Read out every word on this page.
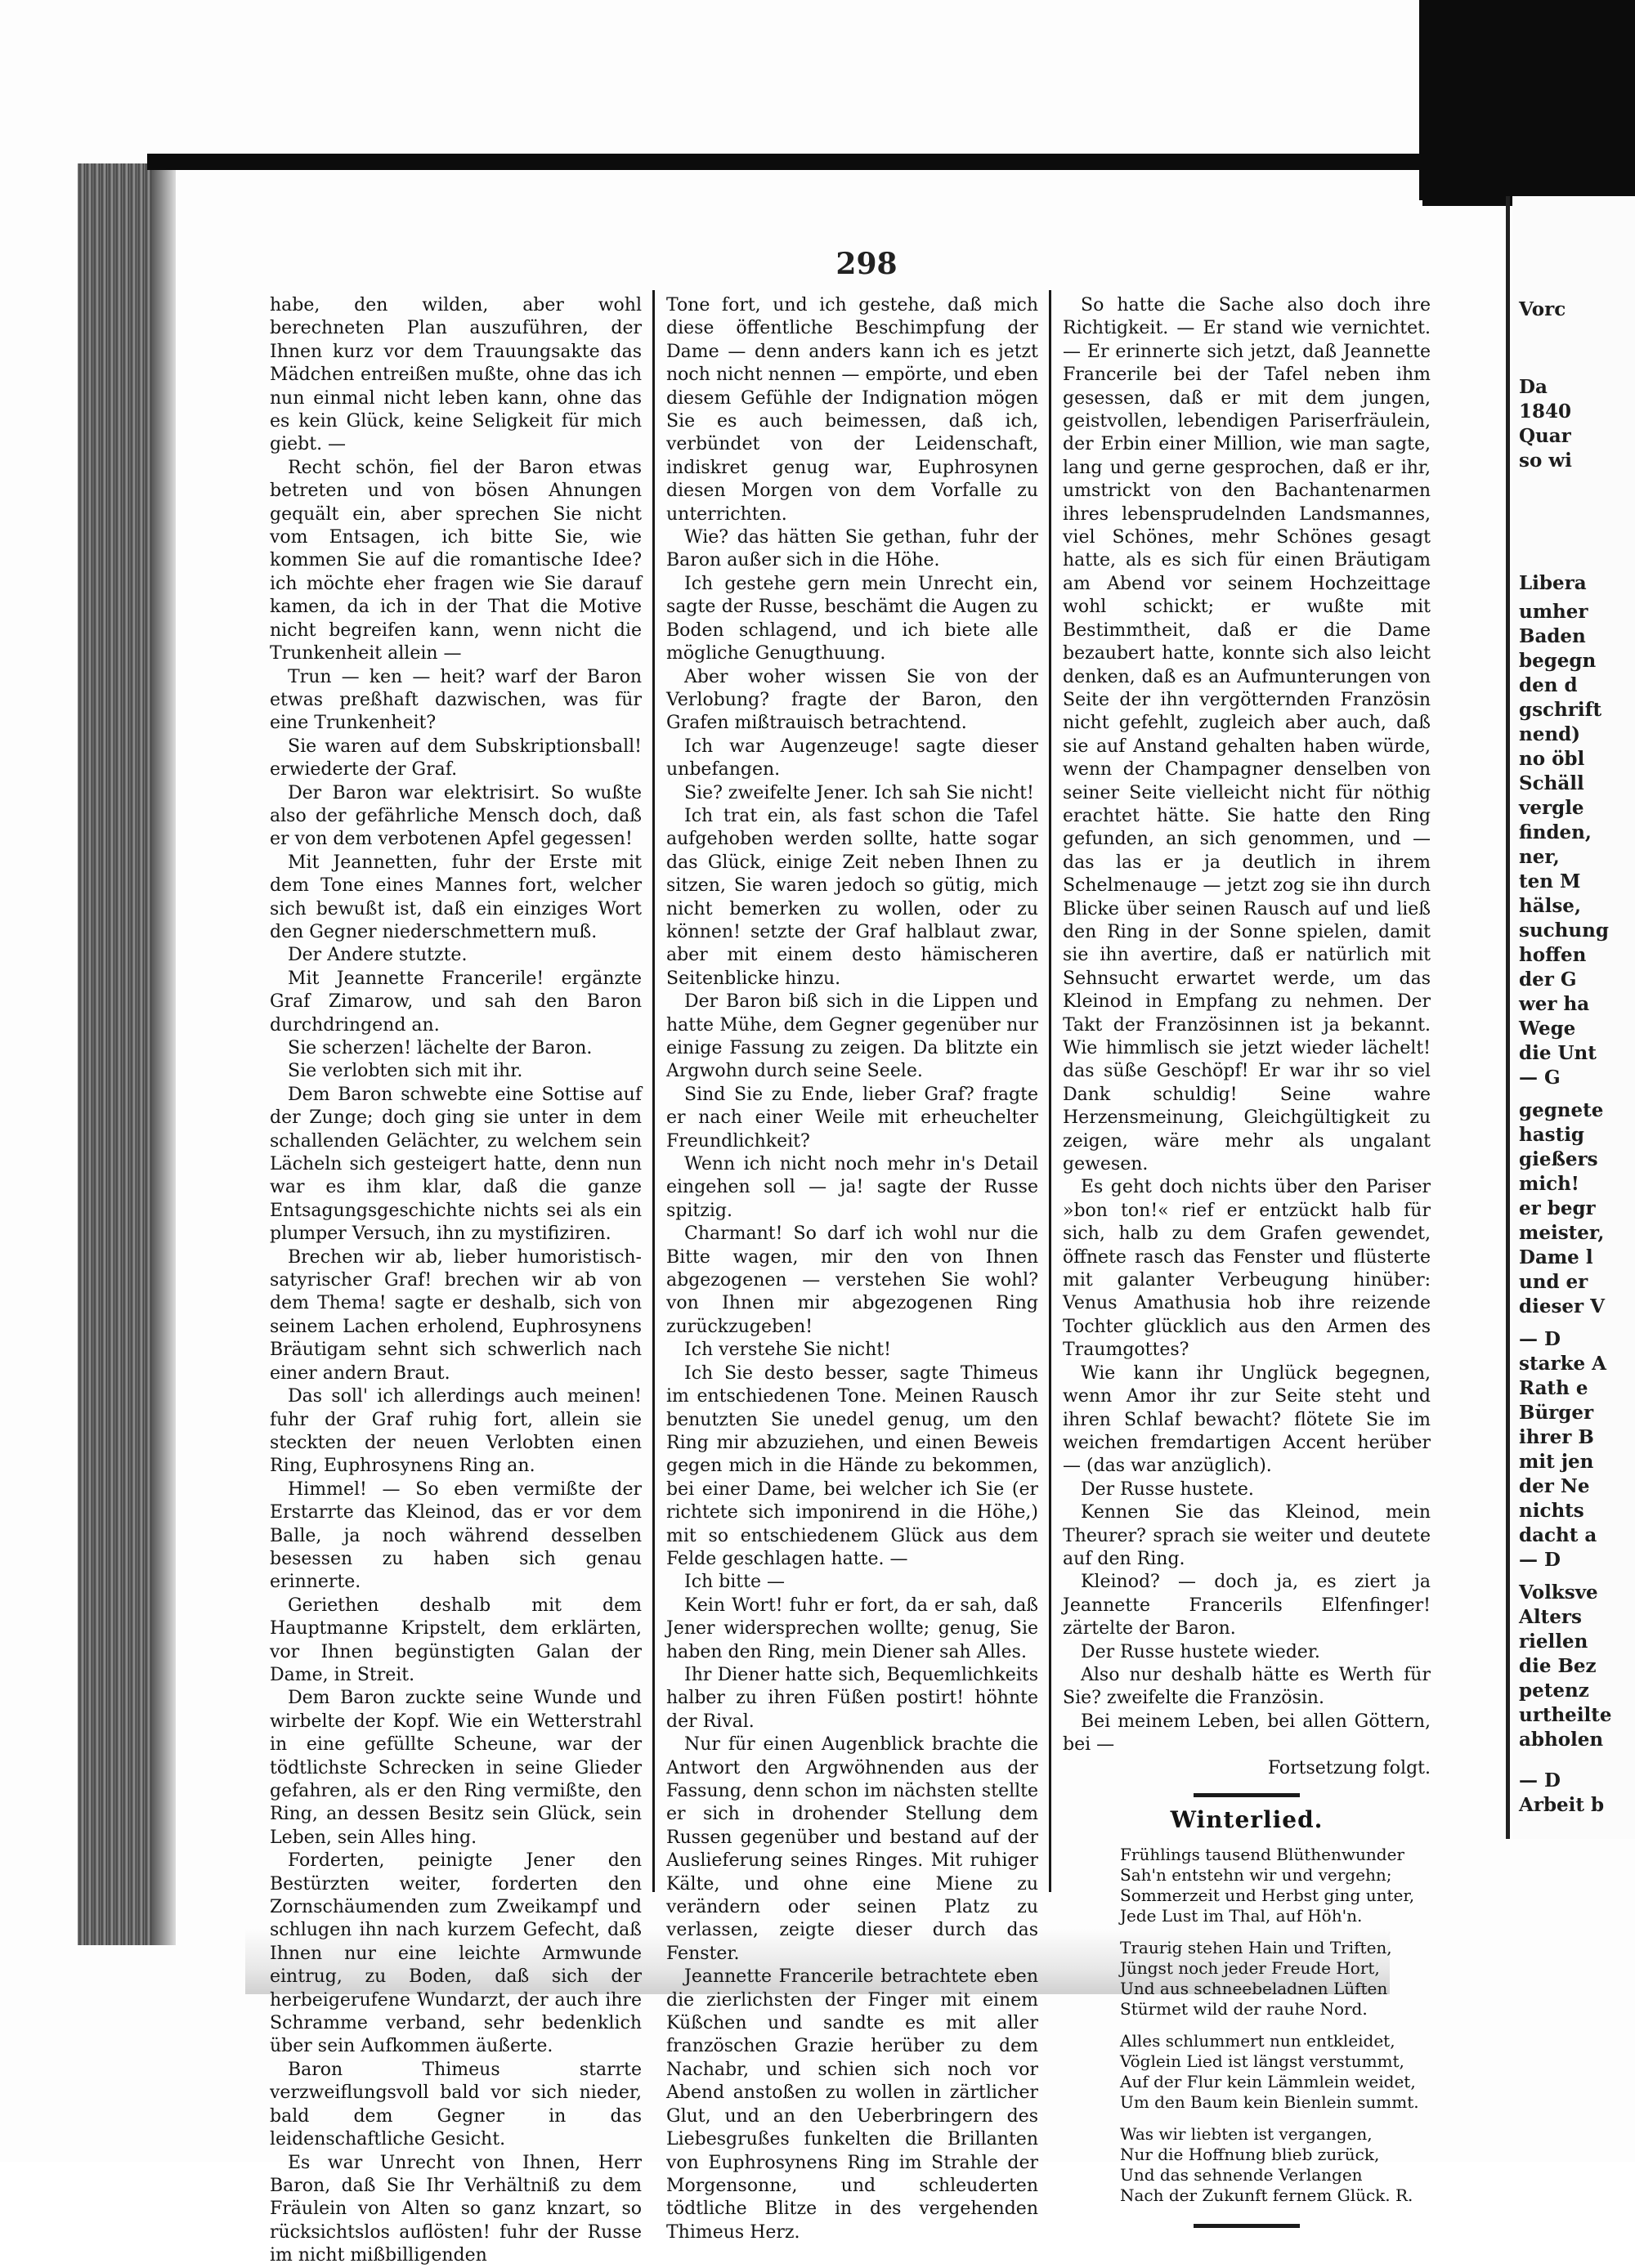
Vorc
Da
1840
Quar
so wi
Libera
umher
Baden
begegn
den d
gschrift
nend)
no öbl
Schäll
vergle
finden,
ner,
ten M
hälse,
suchung
hoffen
der G
wer ha
Wege
die Unt
— G
gegnete
hastig
gießers
mich!
er begr
meister,
Dame l
und er
dieser V
— D
starke A
Rath e
Bürger
ihrer B
mit jen
der Ne
nichts
dacht a
— D
Volksve
Alters
riellen
die Bez
petenz
urtheilte
abholen
— D
Arbeit b
298

habe, den wilden, aber wohl berechneten Plan auszuführen, der Ihnen kurz vor dem Trauungsakte das Mädchen entreißen mußte, ohne das ich nun einmal nicht leben kann, ohne das es kein Glück, keine Seligkeit für mich giebt. —

Recht schön, fiel der Baron etwas betreten und von bösen Ahnungen gequält ein, aber sprechen Sie nicht vom Entsagen, ich bitte Sie, wie kommen Sie auf die romantische Idee? ich möchte eher fragen wie Sie darauf kamen, da ich in der That die Motive nicht begreifen kann, wenn nicht die Trunkenheit allein —

Trun — ken — heit? warf der Baron etwas preßhaft dazwischen, was für eine Trunkenheit?

Sie waren auf dem Subskriptionsball! erwiederte der Graf.

Der Baron war elektrisirt. So wußte also der gefährliche Mensch doch, daß er von dem verbotenen Apfel gegessen!

Mit Jeannetten, fuhr der Erste mit dem Tone eines Mannes fort, welcher sich bewußt ist, daß ein einziges Wort den Gegner niederschmettern muß.

Der Andere stutzte.

Mit Jeannette Francerile! ergänzte Graf Zimarow, und sah den Baron durchdringend an.

Sie scherzen! lächelte der Baron.

Sie verlobten sich mit ihr.

Dem Baron schwebte eine Sottise auf der Zunge; doch ging sie unter in dem schallenden Gelächter, zu welchem sein Lächeln sich gesteigert hatte, denn nun war es ihm klar, daß die ganze Entsagungsgeschichte nichts sei als ein plumper Versuch, ihn zu mystifiziren.

Brechen wir ab, lieber humoristisch-satyrischer Graf! brechen wir ab von dem Thema! sagte er deshalb, sich von seinem Lachen erholend, Euphrosynens Bräutigam sehnt sich schwerlich nach einer andern Braut.

Das soll' ich allerdings auch meinen! fuhr der Graf ruhig fort, allein sie steckten der neuen Verlobten einen Ring, Euphrosynens Ring an.

Himmel! — So eben vermißte der Erstarrte das Kleinod, das er vor dem Balle, ja noch während desselben besessen zu haben sich genau erinnerte.

Geriethen deshalb mit dem Hauptmanne Kripstelt, dem erklärten, vor Ihnen begünstigten Galan der Dame, in Streit.

Dem Baron zuckte seine Wunde und wirbelte der Kopf. Wie ein Wetterstrahl in eine gefüllte Scheune, war der tödtlichste Schrecken in seine Glieder gefahren, als er den Ring vermißte, den Ring, an dessen Besitz sein Glück, sein Leben, sein Alles hing.

Forderten, peinigte Jener den Bestürzten weiter, forderten den Zornschäumenden zum Zweikampf und schlugen ihn nach kurzem Gefecht, daß Ihnen nur eine leichte Armwunde eintrug, zu Boden, daß sich der herbeigerufene Wundarzt, der auch ihre Schramme verband, sehr bedenklich über sein Aufkommen äußerte.

Baron Thimeus starrte verzweiflungsvoll bald vor sich nieder, bald dem Gegner in das leidenschaftliche Gesicht.

Es war Unrecht von Ihnen, Herr Baron, daß Sie Ihr Verhältniß zu dem Fräulein von Alten so ganz knzart, so rücksichtslos auflösten! fuhr der Russe im nicht mißbilligenden

Tone fort, und ich gestehe, daß mich diese öffentliche Beschimpfung der Dame — denn anders kann ich es jetzt noch nicht nennen — empörte, und eben diesem Gefühle der Indignation mögen Sie es auch beimessen, daß ich, verbündet von der Leidenschaft, indiskret genug war, Euphrosynen diesen Morgen von dem Vorfalle zu unterrichten.

Wie? das hätten Sie gethan, fuhr der Baron außer sich in die Höhe.

Ich gestehe gern mein Unrecht ein, sagte der Russe, beschämt die Augen zu Boden schlagend, und ich biete alle mögliche Genugthuung.

Aber woher wissen Sie von der Verlobung? fragte der Baron, den Grafen mißtrauisch betrachtend.

Ich war Augenzeuge! sagte dieser unbefangen.

Sie? zweifelte Jener. Ich sah Sie nicht!

Ich trat ein, als fast schon die Tafel aufgehoben werden sollte, hatte sogar das Glück, einige Zeit neben Ihnen zu sitzen, Sie waren jedoch so gütig, mich nicht bemerken zu wollen, oder zu können! setzte der Graf halblaut zwar, aber mit einem desto hämischeren Seitenblicke hinzu.

Der Baron biß sich in die Lippen und hatte Mühe, dem Gegner gegenüber nur einige Fassung zu zeigen. Da blitzte ein Argwohn durch seine Seele.

Sind Sie zu Ende, lieber Graf? fragte er nach einer Weile mit erheuchelter Freundlichkeit?

Wenn ich nicht noch mehr in's Detail eingehen soll — ja! sagte der Russe spitzig.

Charmant! So darf ich wohl nur die Bitte wagen, mir den von Ihnen abgezogenen — verstehen Sie wohl? von Ihnen mir abgezogenen Ring zurückzugeben!

Ich verstehe Sie nicht!

Ich Sie desto besser, sagte Thimeus im entschiedenen Tone. Meinen Rausch benutzten Sie unedel genug, um den Ring mir abzuziehen, und einen Beweis gegen mich in die Hände zu bekommen, bei einer Dame, bei welcher ich Sie (er richtete sich imponirend in die Höhe,) mit so entschiedenem Glück aus dem Felde geschlagen hatte. —

Ich bitte —

Kein Wort! fuhr er fort, da er sah, daß Jener widersprechen wollte; genug, Sie haben den Ring, mein Diener sah Alles.

Ihr Diener hatte sich, Bequemlichkeits halber zu ihren Füßen postirt! höhnte der Rival.

Nur für einen Augenblick brachte die Antwort den Argwöhnenden aus der Fassung, denn schon im nächsten stellte er sich in drohender Stellung dem Russen gegenüber und bestand auf der Auslieferung seines Ringes. Mit ruhiger Kälte, und ohne eine Miene zu verändern oder seinen Platz zu verlassen, zeigte dieser durch das Fenster.

Jeannette Francerile betrachtete eben die zierlichsten der Finger mit einem Küßchen und sandte es mit aller französchen Grazie herüber zu dem Nachabr, und schien sich noch vor Abend anstoßen zu wollen in zärtlicher Glut, und an den Ueberbringern des Liebesgrußes funkelten die Brillanten von Euphrosynens Ring im Strahle der Morgensonne, und schleuderten tödtliche Blitze in des vergehenden Thimeus Herz.

So hatte die Sache also doch ihre Richtigkeit. — Er stand wie vernichtet. — Er erinnerte sich jetzt, daß Jeannette Francerile bei der Tafel neben ihm gesessen, daß er mit dem jungen, geistvollen, lebendigen Pariserfräulein, der Erbin einer Million, wie man sagte, lang und gerne gesprochen, daß er ihr, umstrickt von den Bachantenarmen ihres lebensprudelnden Landsmannes, viel Schönes, mehr Schönes gesagt hatte, als es sich für einen Bräutigam am Abend vor seinem Hochzeittage wohl schickt; er wußte mit Bestimmtheit, daß er die Dame bezaubert hatte, konnte sich also leicht denken, daß es an Aufmunterungen von Seite der ihn vergötternden Französin nicht gefehlt, zugleich aber auch, daß sie auf Anstand gehalten haben würde, wenn der Champagner denselben von seiner Seite vielleicht nicht für nöthig erachtet hätte. Sie hatte den Ring gefunden, an sich genommen, und — das las er ja deutlich in ihrem Schelmenauge — jetzt zog sie ihn durch Blicke über seinen Rausch auf und ließ den Ring in der Sonne spielen, damit sie ihn avertire, daß er natürlich mit Sehnsucht erwartet werde, um das Kleinod in Empfang zu nehmen. Der Takt der Französinnen ist ja bekannt. Wie himmlisch sie jetzt wieder lächelt! das süße Geschöpf! Er war ihr so viel Dank schuldig! Seine wahre Herzensmeinung, Gleichgültigkeit zu zeigen, wäre mehr als ungalant gewesen.

Es geht doch nichts über den Pariser »bon ton!« rief er entzückt halb für sich, halb zu dem Grafen gewendet, öffnete rasch das Fenster und flüsterte mit galanter Verbeugung hinüber: Venus Amathusia hob ihre reizende Tochter glücklich aus den Armen des Traumgottes?

Wie kann ihr Unglück begegnen, wenn Amor ihr zur Seite steht und ihren Schlaf bewacht? flötete Sie im weichen fremdartigen Accent herüber — (das war anzüglich).

Der Russe hustete.

Kennen Sie das Kleinod, mein Theurer? sprach sie weiter und deutete auf den Ring.

Kleinod? — doch ja, es ziert ja Jeannette Francerils Elfenfinger! zärtelte der Baron.

Der Russe hustete wieder.

Also nur deshalb hätte es Werth für Sie? zweifelte die Französin.

Bei meinem Leben, bei allen Göttern, bei —

Fortsetzung folgt.

Winterlied.
Frühlings tausend Blüthenwunder
Sah'n entstehn wir und vergehn;
Sommerzeit und Herbst ging unter,
Jede Lust im Thal, auf Höh'n.
Traurig stehen Hain und Triften,
Jüngst noch jeder Freude Hort,
Und aus schneebeladnen Lüften
Stürmet wild der rauhe Nord.
Alles schlummert nun entkleidet,
Vöglein Lied ist längst verstummt,
Auf der Flur kein Lämmlein weidet,
Um den Baum kein Bienlein summt.
Was wir liebten ist vergangen,
Nur die Hoffnung blieb zurück,
Und das sehnende Verlangen
Nach der Zukunft fernem Glück. R.
